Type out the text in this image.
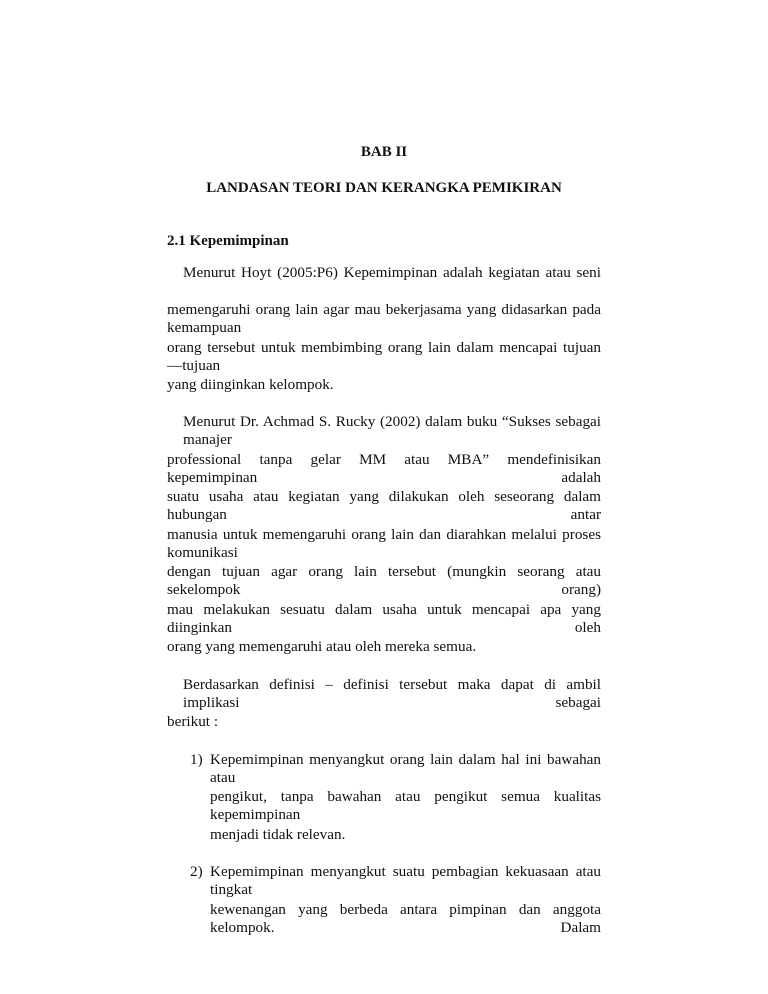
BAB II
LANDASAN TEORI DAN KERANGKA PEMIKIRAN
2.1 Kepemimpinan
Menurut Hoyt (2005:P6) Kepemimpinan adalah kegiatan atau seni
memengaruhi orang lain agar mau bekerjasama yang didasarkan pada kemampuan
orang tersebut untuk membimbing orang lain dalam mencapai tujuan—tujuan
yang diinginkan kelompok.
Menurut Dr. Achmad S. Rucky (2002) dalam buku “Sukses sebagai manajer
professional tanpa gelar MM atau MBA” mendefinisikan kepemimpinan adalah
suatu usaha atau kegiatan yang dilakukan oleh seseorang dalam hubungan antar
manusia untuk memengaruhi orang lain dan diarahkan melalui proses komunikasi
dengan tujuan agar orang lain tersebut (mungkin seorang atau sekelompok orang)
mau melakukan sesuatu dalam usaha untuk mencapai apa yang diinginkan oleh
orang yang memengaruhi atau oleh mereka semua.
Berdasarkan definisi – definisi tersebut maka dapat di ambil implikasi sebagai
berikut :
1) Kepemimpinan menyangkut orang lain dalam hal ini bawahan atau
pengikut, tanpa bawahan atau pengikut semua kualitas kepemimpinan
menjadi tidak relevan.
2) Kepemimpinan menyangkut suatu pembagian kekuasaan atau tingkat
kewenangan yang berbeda antara pimpinan dan anggota kelompok. Dalam
